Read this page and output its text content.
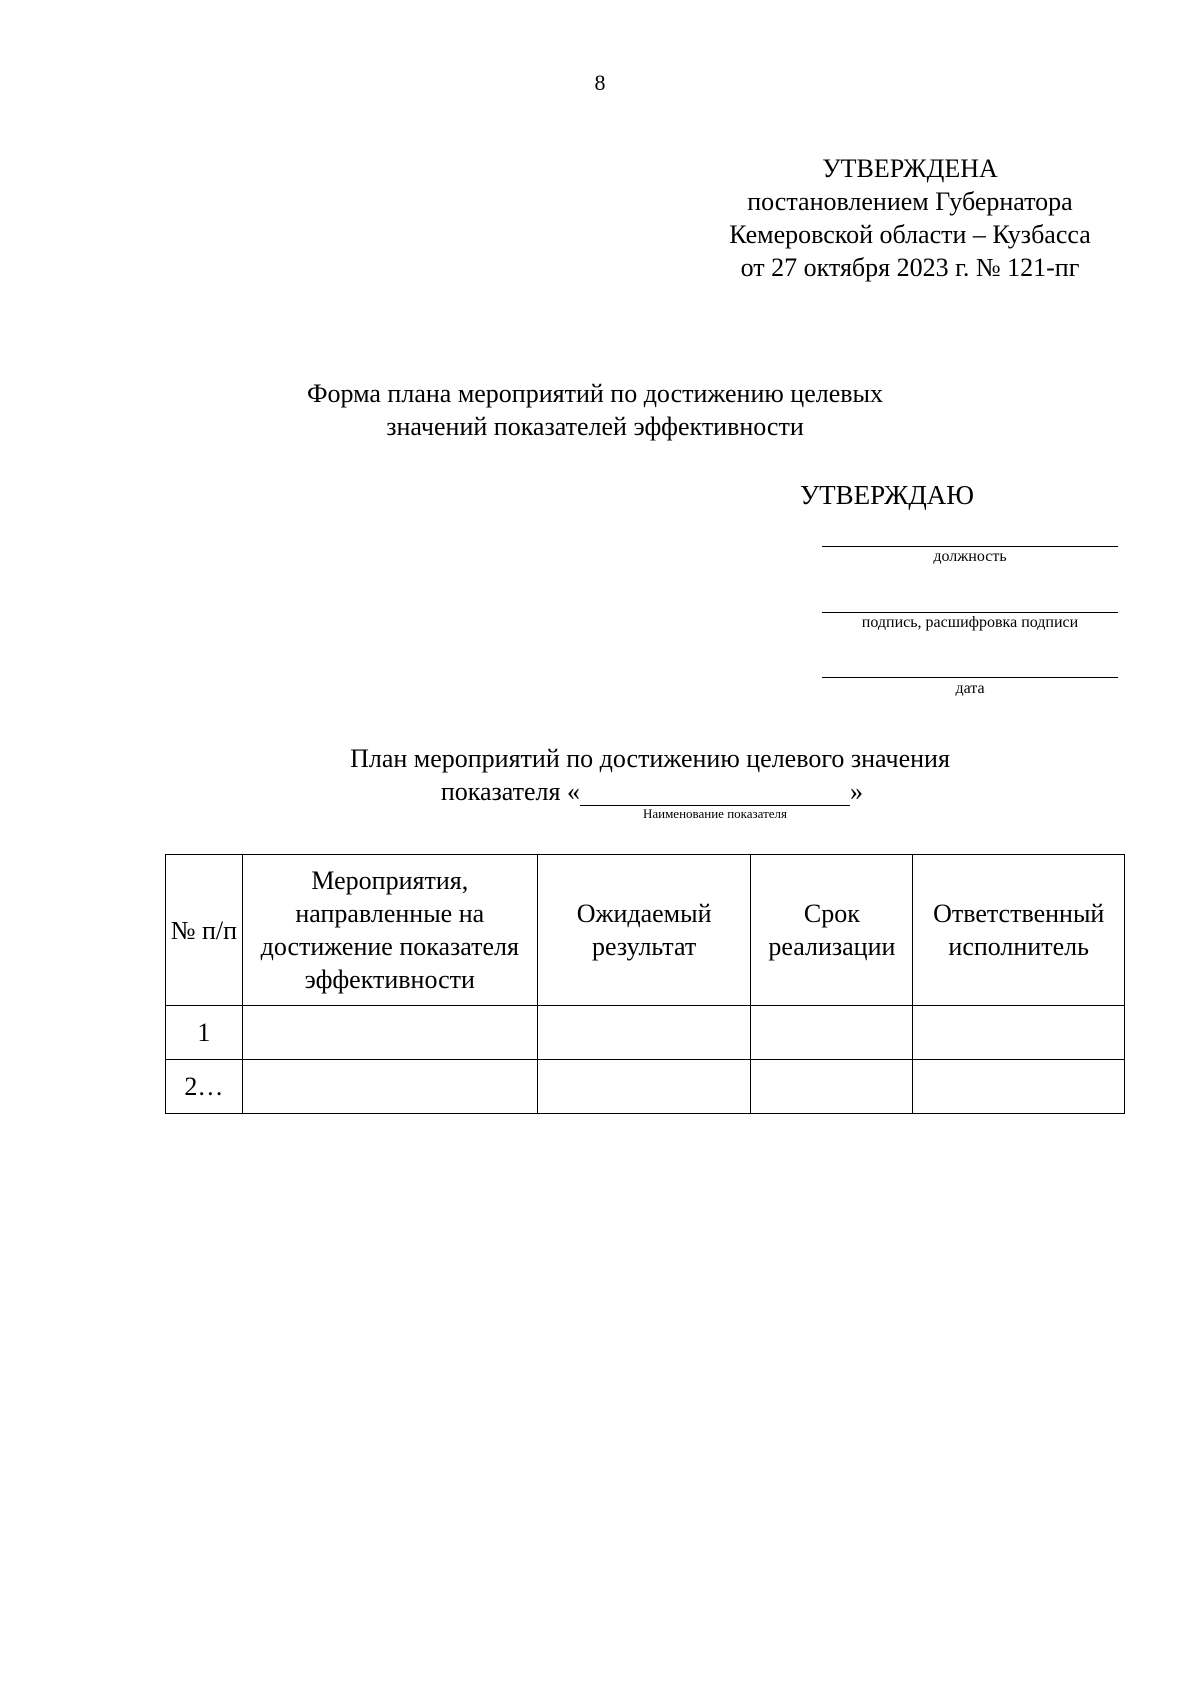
8
УТВЕРЖДЕНА
постановлением Губернатора
Кемеровской области – Кузбасса
от 27 октября 2023 г. № 121-пг
Форма плана мероприятий по достижению целевых
значений показателей эффективности
УТВЕРЖДАЮ
должность
подпись, расшифровка подписи
дата
План мероприятий по достижению целевого значения
показателя «	»
Наименование показателя
№ п/п	Мероприятия, направленные на достижение показателя эффективности	Ожидаемый результат	Срок реализации	Ответственный исполнитель
1				
2…				
